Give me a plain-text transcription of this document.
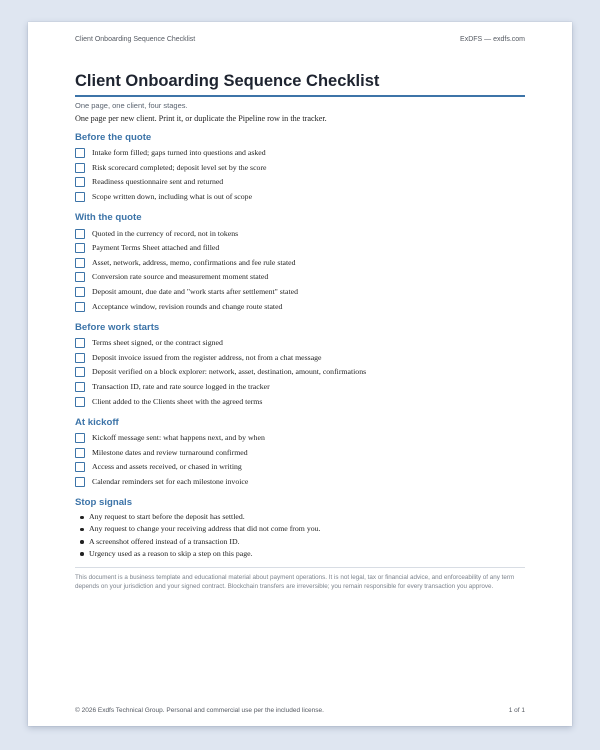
Client Onboarding Sequence Checklist	ExDFS — exdfs.com
Client Onboarding Sequence Checklist
One page, one client, four stages.
One page per new client. Print it, or duplicate the Pipeline row in the tracker.
Before the quote
Intake form filled; gaps turned into questions and asked
Risk scorecard completed; deposit level set by the score
Readiness questionnaire sent and returned
Scope written down, including what is out of scope
With the quote
Quoted in the currency of record, not in tokens
Payment Terms Sheet attached and filled
Asset, network, address, memo, confirmations and fee rule stated
Conversion rate source and measurement moment stated
Deposit amount, due date and "work starts after settlement" stated
Acceptance window, revision rounds and change route stated
Before work starts
Terms sheet signed, or the contract signed
Deposit invoice issued from the register address, not from a chat message
Deposit verified on a block explorer: network, asset, destination, amount, confirmations
Transaction ID, rate and rate source logged in the tracker
Client added to the Clients sheet with the agreed terms
At kickoff
Kickoff message sent: what happens next, and by when
Milestone dates and review turnaround confirmed
Access and assets received, or chased in writing
Calendar reminders set for each milestone invoice
Stop signals
Any request to start before the deposit has settled.
Any request to change your receiving address that did not come from you.
A screenshot offered instead of a transaction ID.
Urgency used as a reason to skip a step on this page.
This document is a business template and educational material about payment operations. It is not legal, tax or financial advice, and enforceability of any term depends on your jurisdiction and your signed contract. Blockchain transfers are irreversible; you remain responsible for every transaction you approve.
© 2026 Exdfs Technical Group. Personal and commercial use per the included license.	1 of 1
